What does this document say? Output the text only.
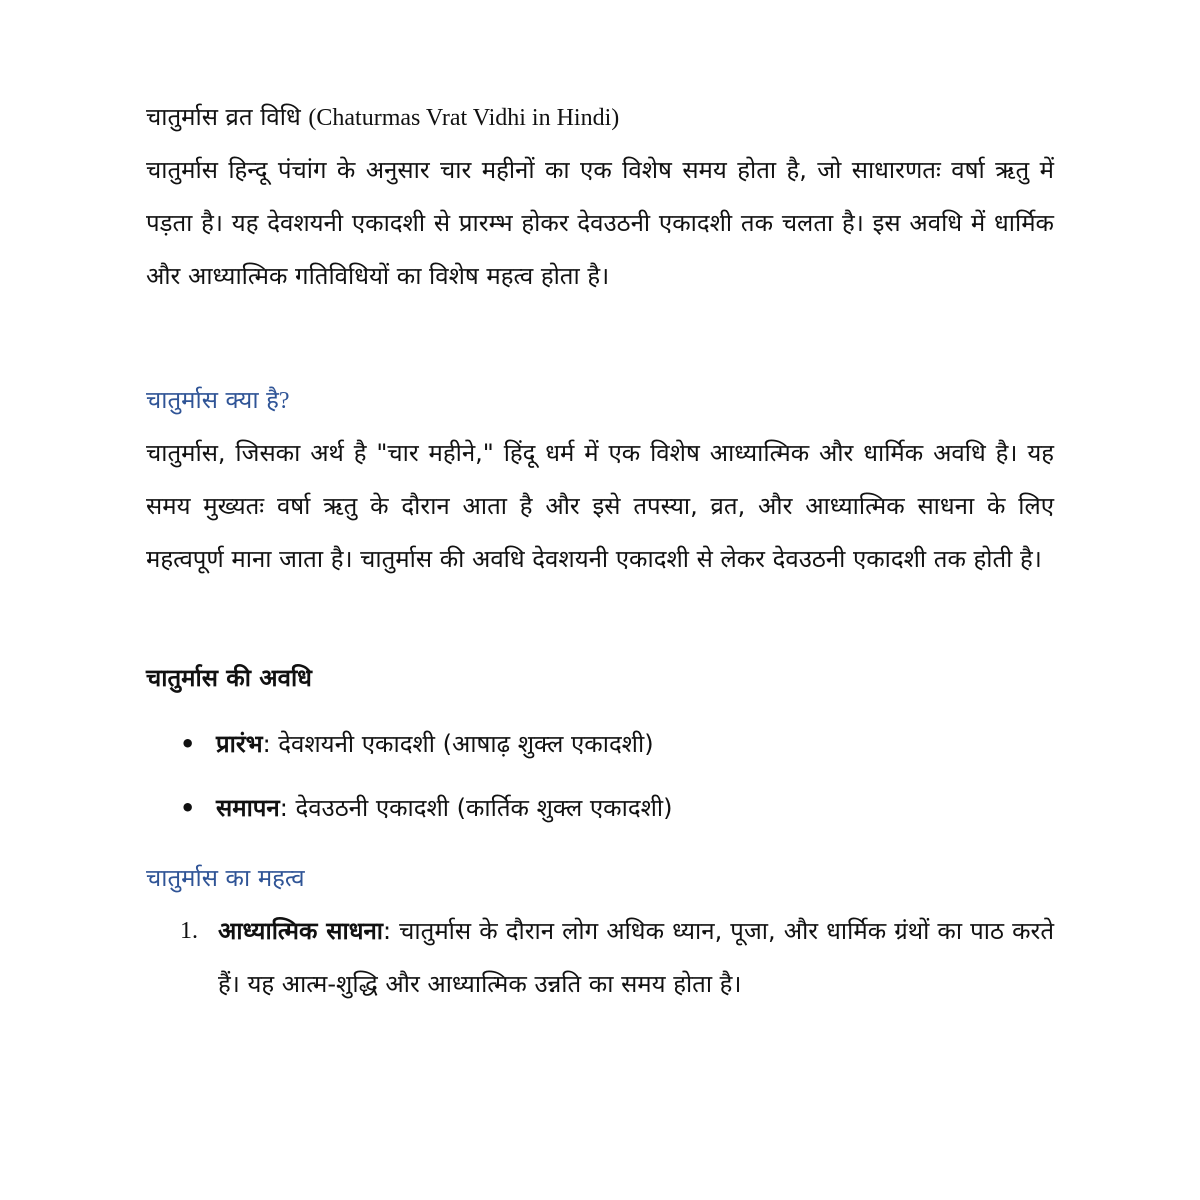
चातुर्मास व्रत विधि (Chaturmas Vrat Vidhi in Hindi)

चातुर्मास हिन्दू पंचांग के अनुसार चार महीनों का एक विशेष समय होता है, जो साधारणतः वर्षा ऋतु में पड़ता है। यह देवशयनी एकादशी से प्रारम्भ होकर देवउठनी एकादशी तक चलता है। इस अवधि में धार्मिक और आध्यात्मिक गतिविधियों का विशेष महत्व होता है।

चातुर्मास क्या है?

चातुर्मास, जिसका अर्थ है "चार महीने," हिंदू धर्म में एक विशेष आध्यात्मिक और धार्मिक अवधि है। यह समय मुख्यतः वर्षा ऋतु के दौरान आता है और इसे तपस्या, व्रत, और आध्यात्मिक साधना के लिए महत्वपूर्ण माना जाता है। चातुर्मास की अवधि देवशयनी एकादशी से लेकर देवउठनी एकादशी तक होती है।

चातुर्मास की अवधि
• प्रारंभ: देवशयनी एकादशी (आषाढ़ शुक्ल एकादशी)
• समापन: देवउठनी एकादशी (कार्तिक शुक्ल एकादशी)
चातुर्मास का महत्व
1. आध्यात्मिक साधना: चातुर्मास के दौरान लोग अधिक ध्यान, पूजा, और धार्मिक ग्रंथों का पाठ करते हैं। यह आत्म-शुद्धि और आध्यात्मिक उन्नति का समय होता है।
